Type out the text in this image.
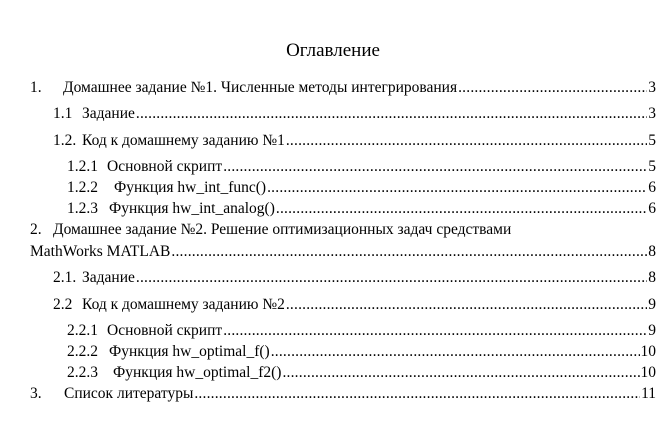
Оглавление
1. Домашнее задание №1. Численные методы интегрирования .....	3
1.1 Задание .....	3
1.2. Код к домашнему заданию №1 .....	5
1.2.1 Основной скрипт .....	5
1.2.2 Функция hw_int_func() .....	6
1.2.3 Функция hw_int_analog() .....	6
2. Домашнее задание №2. Решение оптимизационных задач средствами
MathWorks MATLAB .....	8
2.1. Задание .....	8
2.2 Код к домашнему заданию №2 .....	9
2.2.1 Основной скрипт .....	9
2.2.2 Функция hw_optimal_f() .....	10
2.2.3 Функция hw_optimal_f2() .....	10
3. Список литературы .....	11
